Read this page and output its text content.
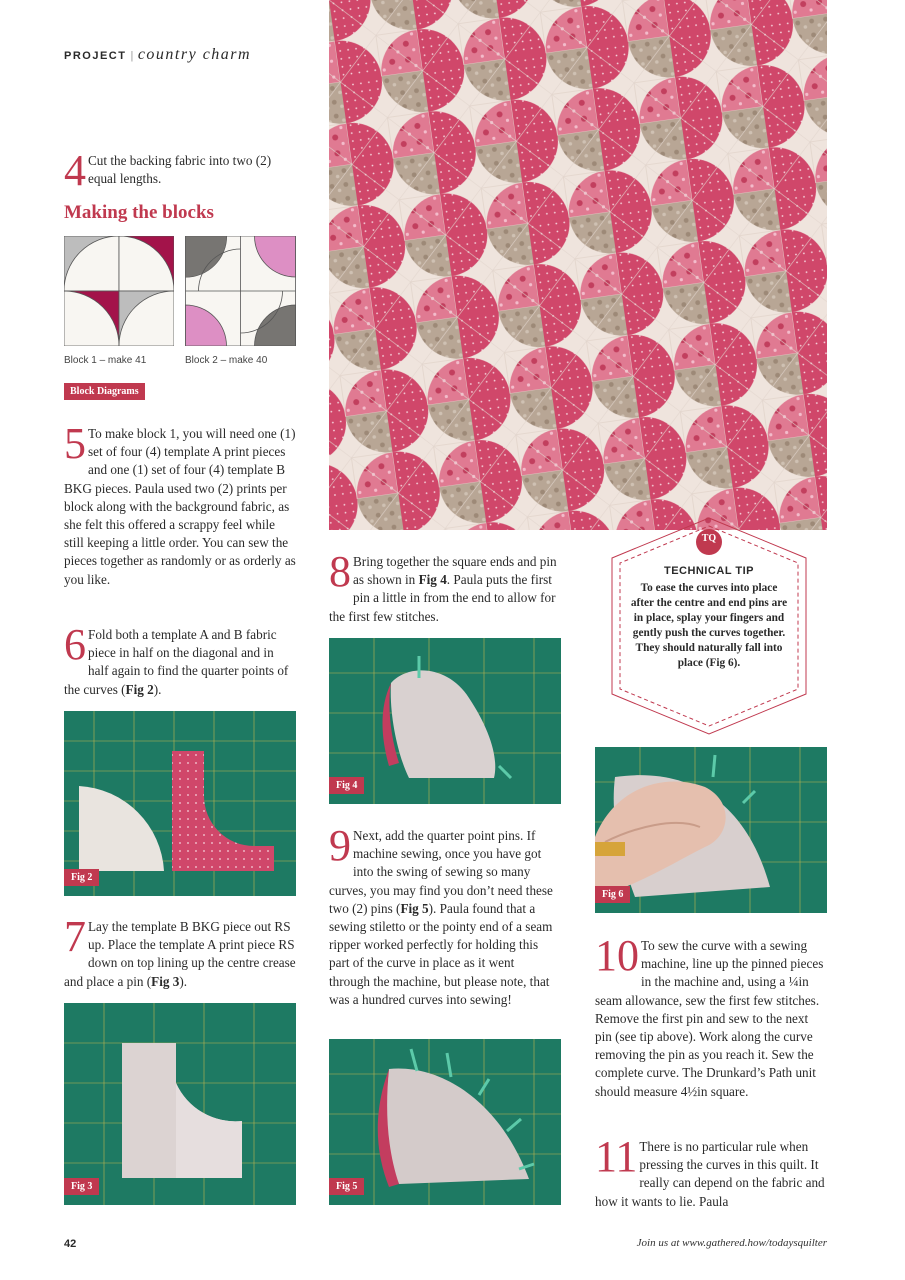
PROJECT | country charm
4 Cut the backing fabric into two (2) equal lengths.
Making the blocks
Block 1 – make 41	Block 2 – make 40
Block Diagrams
5 To make block 1, you will need one (1) set of four (4) template A print pieces and one (1) set of four (4) template B BKG pieces. Paula used two (2) prints per block along with the background fabric, as she felt this offered a scrappy feel while still keeping a little order. You can sew the pieces together as randomly or as orderly as you like.
6 Fold both a template A and B fabric piece in half on the diagonal and in half again to find the quarter points of the curves (Fig 2).
Fig 2
7 Lay the template B BKG piece out RS up. Place the template A print piece RS down on top lining up the centre crease and place a pin (Fig 3).
Fig 3
8 Bring together the square ends and pin as shown in Fig 4. Paula puts the first pin a little in from the end to allow for the first few stitches.
Fig 4
9 Next, add the quarter point pins. If machine sewing, once you have got into the swing of sewing so many curves, you may find you don’t need these two (2) pins (Fig 5). Paula found that a sewing stiletto or the pointy end of a seam ripper worked perfectly for holding this part of the curve in place as it went through the machine, but please note, that was a hundred curves into sewing!
Fig 5
TQ
TECHNICAL TIP
To ease the curves into place after the centre and end pins are in place, splay your fingers and gently push the curves together. They should naturally fall into place (Fig 6).
Fig 6
10 To sew the curve with a sewing machine, line up the pinned pieces in the machine and, using a ¼in seam allowance, sew the first few stitches. Remove the first pin and sew to the next pin (see tip above). Work along the curve removing the pin as you reach it. Sew the complete curve. The Drunkard’s Path unit should measure 4½in square.
11 There is no particular rule when pressing the curves in this quilt. It really can depend on the fabric and how it wants to lie. Paula
42	Join us at www.gathered.how/todaysquilter
